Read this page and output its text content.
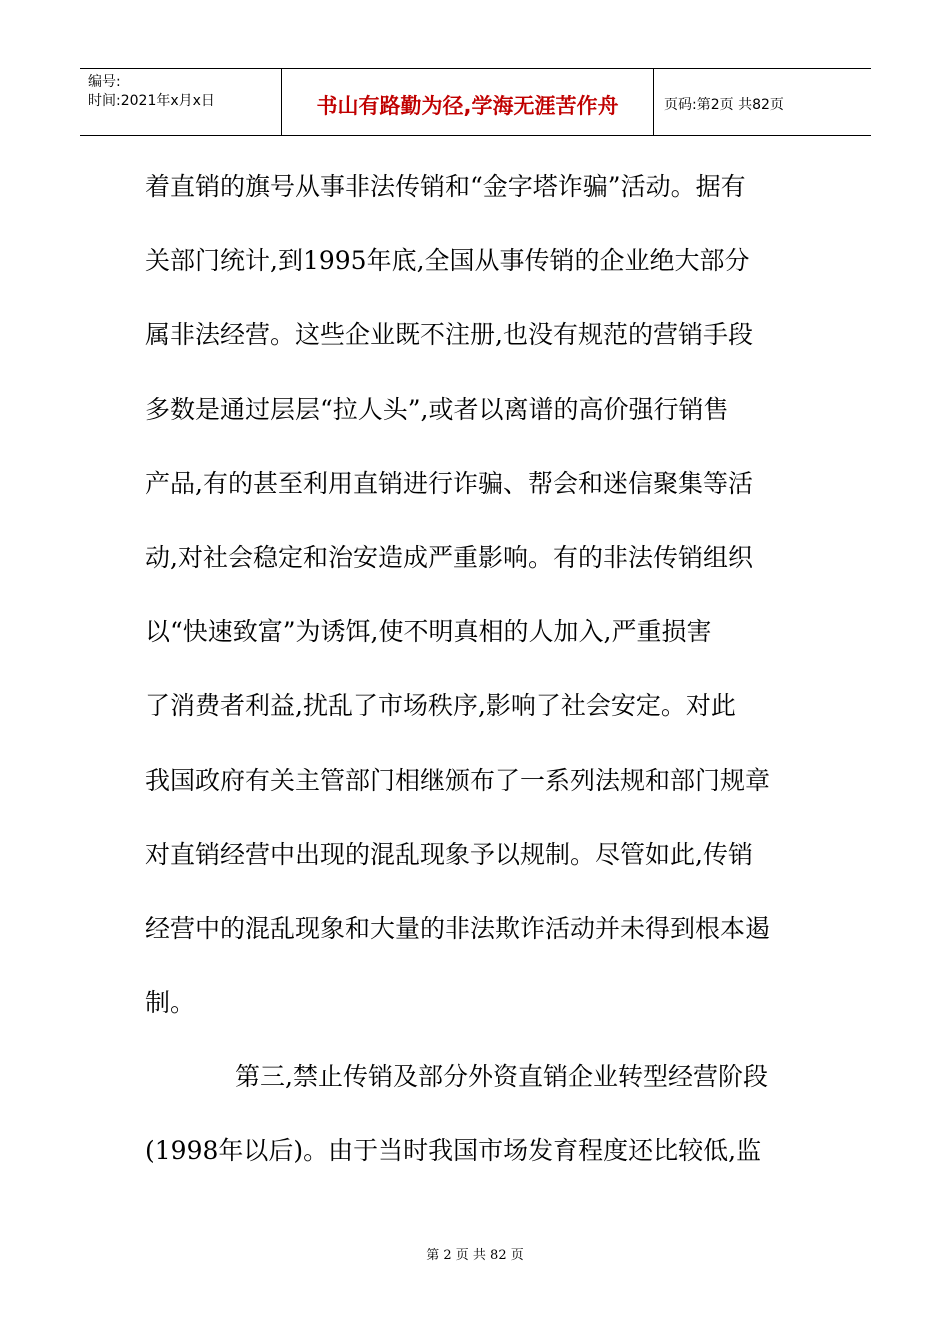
编号:
时间:2021年x月x日	书山有路勤为径,学海无涯苦作舟	页码:第2页 共82页
着直销的旗号从事非法传销和“金字塔诈骗”活动。据有
关部门统计,到1995年底,全国从事传销的企业绝大部分
属非法经营。这些企业既不注册,也没有规范的营销手段
多数是通过层层“拉人头”,或者以离谱的高价强行销售
产品,有的甚至利用直销进行诈骗、帮会和迷信聚集等活
动,对社会稳定和治安造成严重影响。有的非法传销组织
以“快速致富”为诱饵,使不明真相的人加入,严重损害
了消费者利益,扰乱了市场秩序,影响了社会安定。对此
我国政府有关主管部门相继颁布了一系列法规和部门规章
对直销经营中出现的混乱现象予以规制。尽管如此,传销
经营中的混乱现象和大量的非法欺诈活动并未得到根本遏
制。
第三,禁止传销及部分外资直销企业转型经营阶段
(1998年以后)。由于当时我国市场发育程度还比较低,监
第 2 页 共 82 页
